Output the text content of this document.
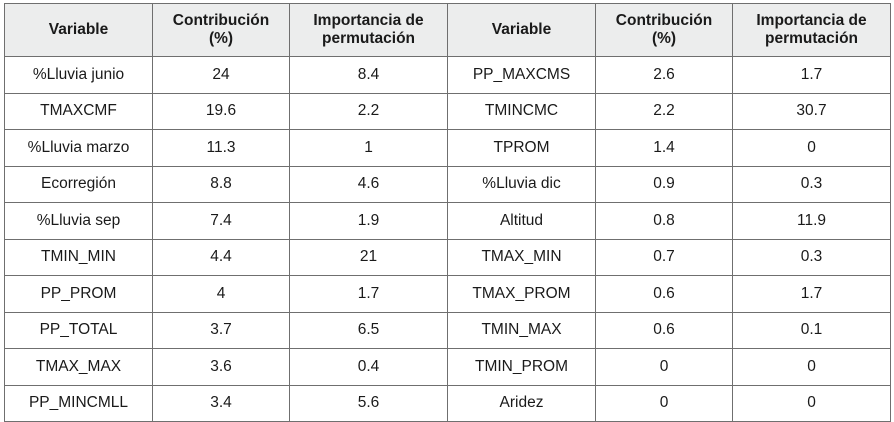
Variable	Contribución (%)	Importancia de permutación	Variable	Contribución (%)	Importancia de permutación
%Lluvia junio	24	8.4	PP_MAXCMS	2.6	1.7
TMAXCMF	19.6	2.2	TMINCMC	2.2	30.7
%Lluvia marzo	11.3	1	TPROM	1.4	0
Ecorregión	8.8	4.6	%Lluvia dic	0.9	0.3
%Lluvia sep	7.4	1.9	Altitud	0.8	11.9
TMIN_MIN	4.4	21	TMAX_MIN	0.7	0.3
PP_PROM	4	1.7	TMAX_PROM	0.6	1.7
PP_TOTAL	3.7	6.5	TMIN_MAX	0.6	0.1
TMAX_MAX	3.6	0.4	TMIN_PROM	0	0
PP_MINCMLL	3.4	5.6	Aridez	0	0
